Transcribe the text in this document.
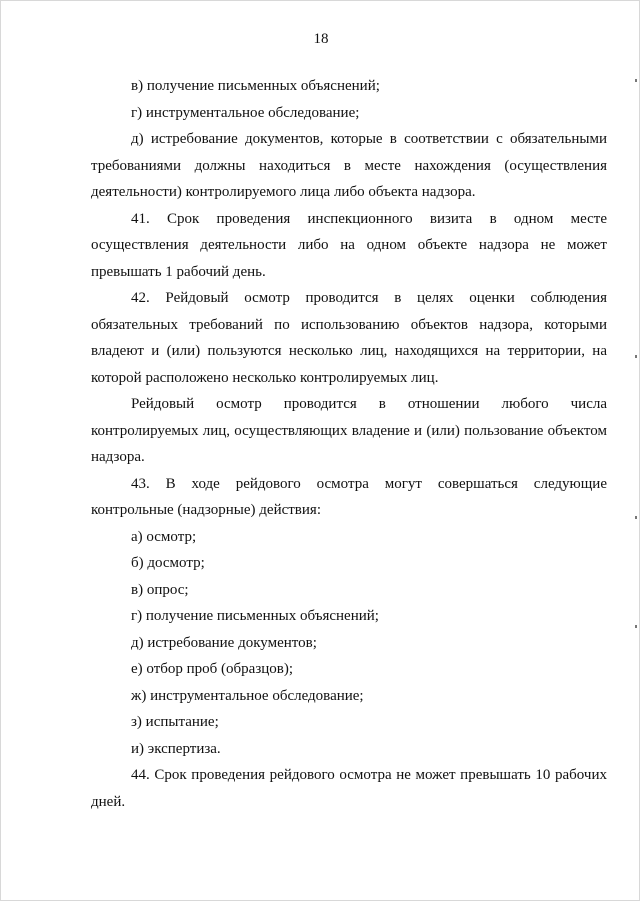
18

в) получение письменных объяснений;

г) инструментальное обследование;

д) истребование документов, которые в соответствии с обязательными требованиями должны находиться в месте нахождения (осуществления деятельности) контролируемого лица либо объекта надзора.

41. Срок проведения инспекционного визита в одном месте осуществления деятельности либо на одном объекте надзора не может превышать 1 рабочий день.

42. Рейдовый осмотр проводится в целях оценки соблюдения обязательных требований по использованию объектов надзора, которыми владеют и (или) пользуются несколько лиц, находящихся на территории, на которой расположено несколько контролируемых лиц.

Рейдовый осмотр проводится в отношении любого числа контролируемых лиц, осуществляющих владение и (или) пользование объектом надзора.

43. В ходе рейдового осмотра могут совершаться следующие контрольные (надзорные) действия:

а) осмотр;

б) досмотр;

в) опрос;

г) получение письменных объяснений;

д) истребование документов;

е) отбор проб (образцов);

ж) инструментальное обследование;

з) испытание;

и) экспертиза.

44. Срок проведения рейдового осмотра не может превышать 10 рабочих дней.
